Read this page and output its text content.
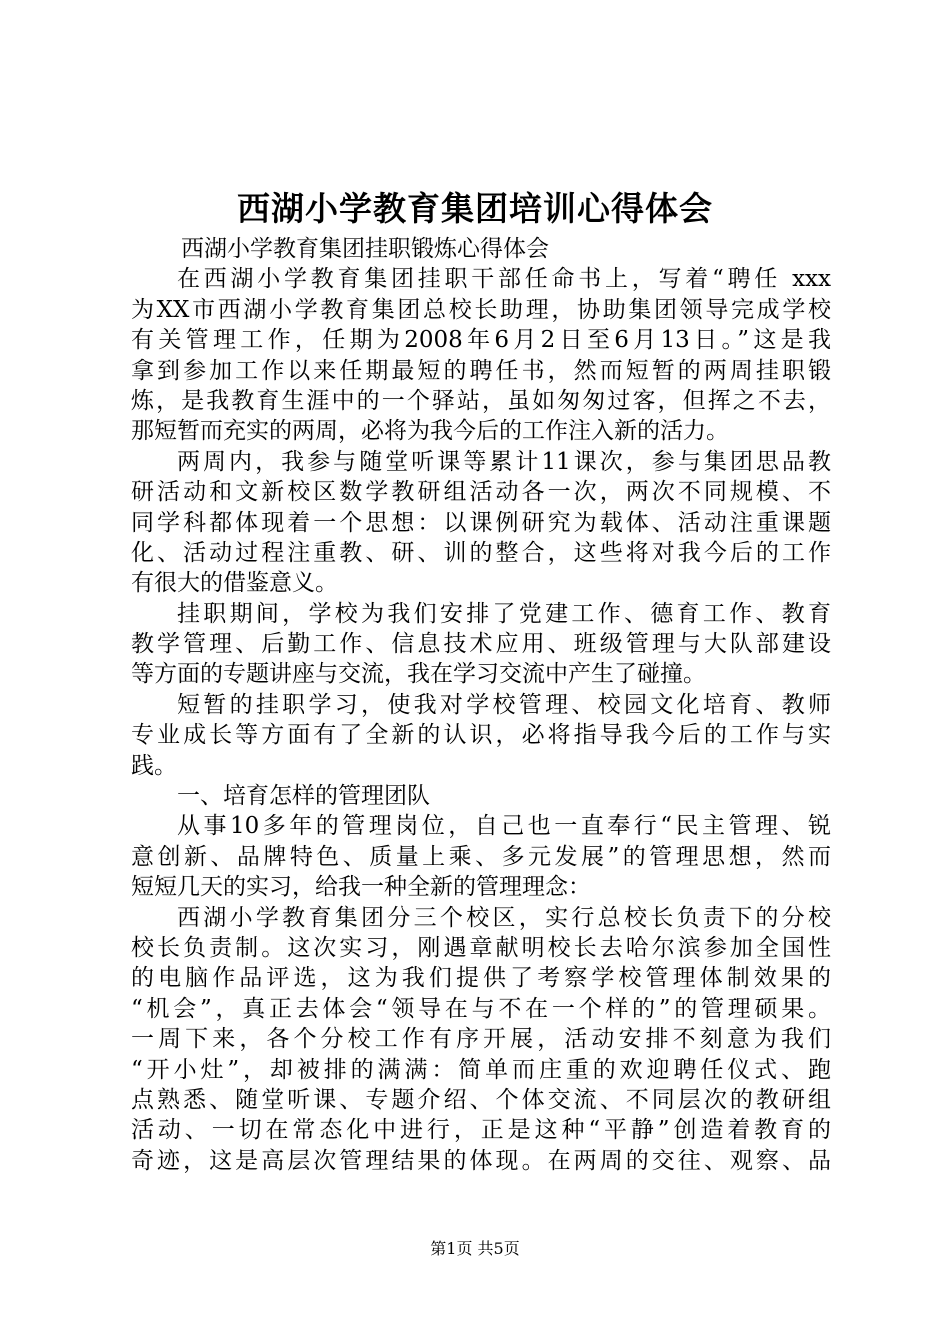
西湖小学教育集团培训心得体会
西湖小学教育集团挂职锻炼心得体会
在西湖小学教育集团挂职干部任命书上，写着“聘任 xxx
为XX市西湖小学教育集团总校长助理，协助集团领导完成学校
有关管理工作，任期为2008年6月2日至6月13日。”这是我
拿到参加工作以来任期最短的聘任书，然而短暂的两周挂职锻
炼，是我教育生涯中的一个驿站，虽如匆匆过客，但挥之不去，
那短暂而充实的两周，必将为我今后的工作注入新的活力。
两周内，我参与随堂听课等累计11课次，参与集团思品教
研活动和文新校区数学教研组活动各一次，两次不同规模、不
同学科都体现着一个思想：以课例研究为载体、活动注重课题
化、活动过程注重教、研、训的整合，这些将对我今后的工作
有很大的借鉴意义。
挂职期间，学校为我们安排了党建工作、德育工作、教育
教学管理、后勤工作、信息技术应用、班级管理与大队部建设
等方面的专题讲座与交流，我在学习交流中产生了碰撞。
短暂的挂职学习，使我对学校管理、校园文化培育、教师
专业成长等方面有了全新的认识，必将指导我今后的工作与实
践。
一、培育怎样的管理团队
从事10多年的管理岗位，自己也一直奉行“民主管理、锐
意创新、品牌特色、质量上乘、多元发展”的管理思想，然而
短短几天的实习，给我一种全新的管理理念：
西湖小学教育集团分三个校区，实行总校长负责下的分校
校长负责制。这次实习，刚遇章献明校长去哈尔滨参加全国性
的电脑作品评选，这为我们提供了考察学校管理体制效果的
“机会”，真正去体会“领导在与不在一个样的”的管理硕果。
一周下来，各个分校工作有序开展，活动安排不刻意为我们
“开小灶”，却被排的满满：简单而庄重的欢迎聘任仪式、跑
点熟悉、随堂听课、专题介绍、个体交流、不同层次的教研组
活动、一切在常态化中进行，正是这种“平静”创造着教育的
奇迹，这是高层次管理结果的体现。在两周的交往、观察、品
第1页 共5页
